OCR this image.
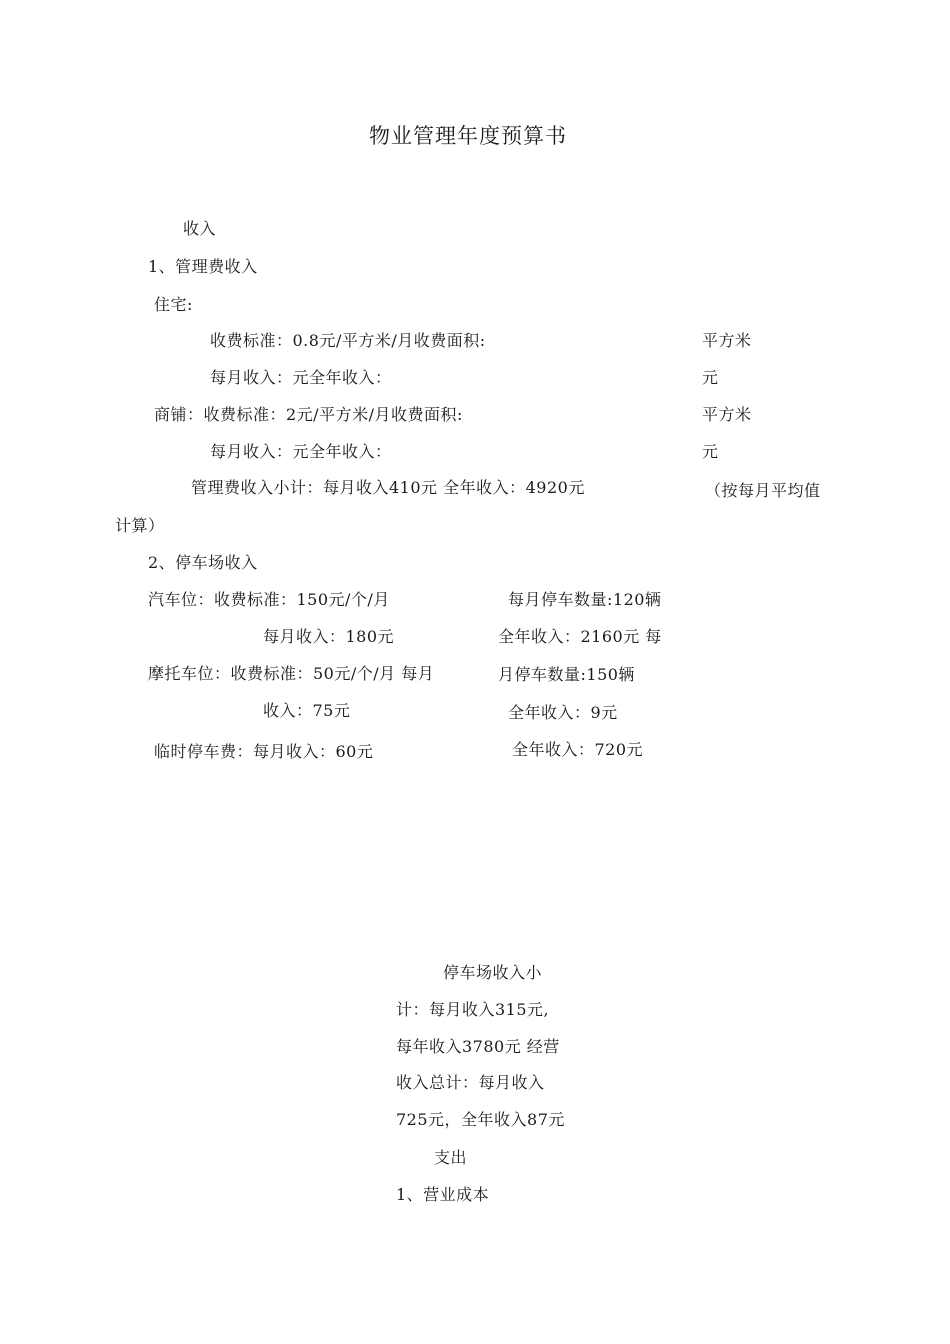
物业管理年度预算书
收入
1、管理费收入
住宅:
收费标准：0.8元/平方米/月收费面积:	平方米
每月收入：元全年收入：	元
商铺：收费标准：2元/平方米/月收费面积:	平方米
每月收入：元全年收入：	元
管理费收入小计：每月收入410元 全年收入：4920元	（按每月平均值
计算）
2、停车场收入
汽车位：收费标准：150元/个/月	每月停车数量:120辆
每月收入：180元	全年收入：2160元 每
摩托车位：收费标准：50元/个/月 每月	月停车数量:150辆
收入：75元	全年收入：9元
临时停车费：每月收入：60元	全年收入：720元
停车场收入小
计：每月收入315元,
每年收入3780元 经营
收入总计：每月收入
725元，全年收入87元
支出
1、营业成本
